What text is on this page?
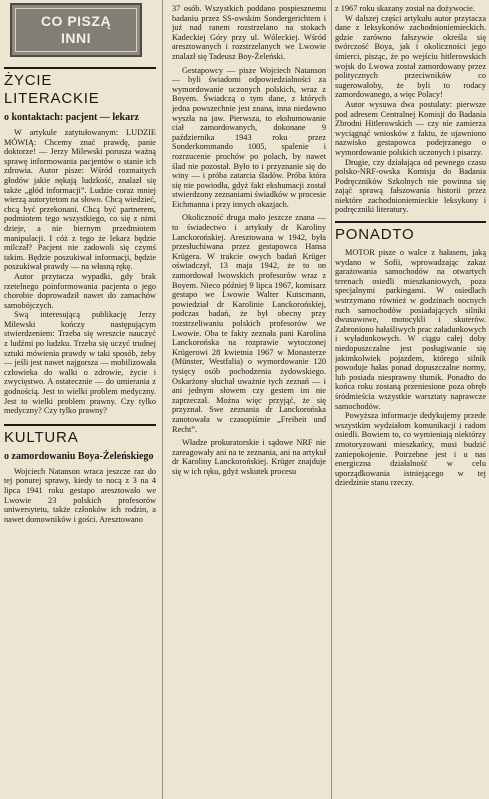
CO PISZĄ
INNI
ŻYCIE
LITERACKIE
o kontaktach: pacjent — lekarz

W artykule zatytułowanym: LUDZIE MÓWIĄ: Chcemy znać prawdę, panie doktorze! — Jerzy Milewski porusza ważną sprawę informowania pacjentów o stanie ich zdrowia. Autor pisze: Wśród rozmaitych głodów jakie nękają ludzkość, znalazł się także „głód informacji”. Ludzie coraz mniej wierzą autorytetom na słowo. Chcą wiedzieć, chcą być przekonani. Chcą być partnerem, podmiotem tego wszystkiego, co się z nimi dzieje, a nie biernym przedmiotem manipulacji. I cóż z tego że lekarz będzie milczał? Pacjent nie zadowoli się czymś takim. Będzie poszukiwał informacji, będzie poszukiwał prawdy — na własną rękę.

Autor przytacza wypadki, gdy brak rzetelnego poinformowania pacjenta o jego chorobie doprowadził nawet do zamachów samobójczych.

Swą interesującą publikację Jerzy Milewski kończy następującym stwierdzeniem: Trzeba się wreszcie nauczyć z ludźmi po ludzku. Trzeba się uczyć trudnej sztuki mówienia prawdy w taki sposób, żeby — jeśli jest nawet najgorsza — mobilizowała człowieka do walki o zdrowie, życie i zwycięstwo. A ostatecznie — do umierania z godnością. Jest to wielki problem medyczny. Jest to wielki problem prawny. Czy tylko medyczny? Czy tylko prawny?

KULTURA
o zamordowaniu Boya-Żeleńskiego

Wojciech Natanson wraca jeszcze raz do tej ponurej sprawy, kiedy to nocą z 3 na 4 lipca 1941 roku gestapo aresztowało we Lwowie 23 polskich profesorów uniwersytetu, także członków ich rodzin, a nawet domowników i gości. Aresztowano

37 osób. Wszystkich poddano pospiesznemu badaniu przez SS-owskim Sondergerichtem i już nad ranem rozstrzelano na stokach Kadeckiej Góry przy ul. Wóleckiej. Wśród aresztowanych i rozstrzelanych we Lwowie znalazł się Tadeusz Boy-Żeleński.

Gestapowcy — pisze Wojciech Natanson — byli świadomi odpowiedzialności za wymordowanie uczonych polskich, wraz z Boyem. Świadczą o tym dane, z których jedna powszechnie jest znana, inna niedawno wyszła na jaw. Pierwsza, to ekshumowanie ciał zamordowanych, dokonane 9 października 1943 roku przez Sonderkommando 1005, spalenie i rozrzucenie prochów po polach, by nawet ślad nie pozostał. Było to i przyznanie się do winy — i próba zatarcia śladów. Próba która się nie powiodła, gdyż fakt ekshumacji został stwierdzony zeznaniami świadków w procesie Eichmanna i przy innych okazjach.

Okoliczność druga mało jeszcze znana — to świadectwo i artykuły dr Karoliny Lanckorońskiej. Aresztowana w 1942, była przesłuchiwana przez gestapowca Hansa Krügera. W trakcie owych badań Krüger oświadczył, 13 maja 1942, że to on zamordował lwowskich profesorów wraz z Boyem. Nieco później 9 lipca 1967, komisarz gestapo we Lwowie Walter Kutscmann, powiedział dr Karolinie Lanckorońskiej, podczas badań, że był obecny przy rozstrzeliwaniu polskich profesorów we Lwowie. Oba te fakty zeznała pani Karolina Lanckorońska na rozprawie wytoczonej Krügerowi 28 kwietnia 1967 w Monasterze (Münster, Westfalia) o wymordowanie 120 tysięcy osób pochodzenia żydowskiego. Oskarżony słuchał uważnie tych zeznań — i ani jednym słowem czy gestem im nie zaprzeczał. Można więc przyjąć, że się przyznał. Swe zeznania dr Lanckorońska zanotowała w czasopiśmie „Freiheit und Recht”.

Władze prokuratorskie i sądowe NRF nie zareagowały ani na te zeznania, ani na artykuł dr Karoliny Lanckorońskiej. Krüger znajduje się w ich ręku, gdyż wskutek procesu

z 1967 roku skazany został na dożywocie.

W dalszej części artykułu autor przytacza dane z leksykonów zachodnioniemieckich. gdzie zarówno fałszywie określa się twórczość Boya, jak i okoliczności jego śmierci, pisząc, że po wejściu hitlerowskich wojsk do Lwowa został zamordowany przez politycznych przeciwników co sugerowałoby, że byli to rodacy zamordowanego, a więc Polacy!

Autor wysuwa dwa postulaty: pierwsze pod adresem Centralnej Komisji do Badania Zbrodni Hitlerowskich — czy nie zamierza wyciągnąć wniosków z faktu, że ujawniono nazwisko gestapowca podejrzanego o wymordowanie polskich uczonych i pisarzy.

Drugie, czy działająca od pewnego czasu polsko-NRF-owska Komisja do Badania Podręczników Szkolnych nie powinna się zająć sprawą fałszowania historii przez niektóre zachodnioniemieckie leksykony i podręczniki literatury.

PONADTO

MOTOR pisze o walce z hałasem, jaką wydano w Sofii, wprowadzając zakaz garażowania samochodów na otwartych terenach osiedli mieszkaniowych, poza specjalnymi parkingami. W osiedlach wstrzymano również w godzinach nocnych ruch samochodów posiadających silniki dwusuwowe, motocykli i skuterów. Zabroniono hałaśliwych prac załadunkowych i wyładunkowych. W ciągu całej doby niedopuszczalne jest posługiwanie się jakimkolwiek pojazdem, którego silnik powoduje hałas ponad dopuszczalne normy, lub posiada niesprawny tłumik. Ponadto do końca roku zostaną przeniesione poza obręb śródmieścia wszystkie warsztaty naprawcze samochodów.

Powyższa informacje dedykujemy przede wszystkim wydziałom komunikacji i radom osiedli. Bowiem to, co wymieniają niektórzy zmotoryzowani mieszkańcy, musi budzić zaniepokojenie. Potrzebne jest i u nas energiczna działalność w celu uporządkowania istniejącego w tej dziedzinie stanu rzeczy.
